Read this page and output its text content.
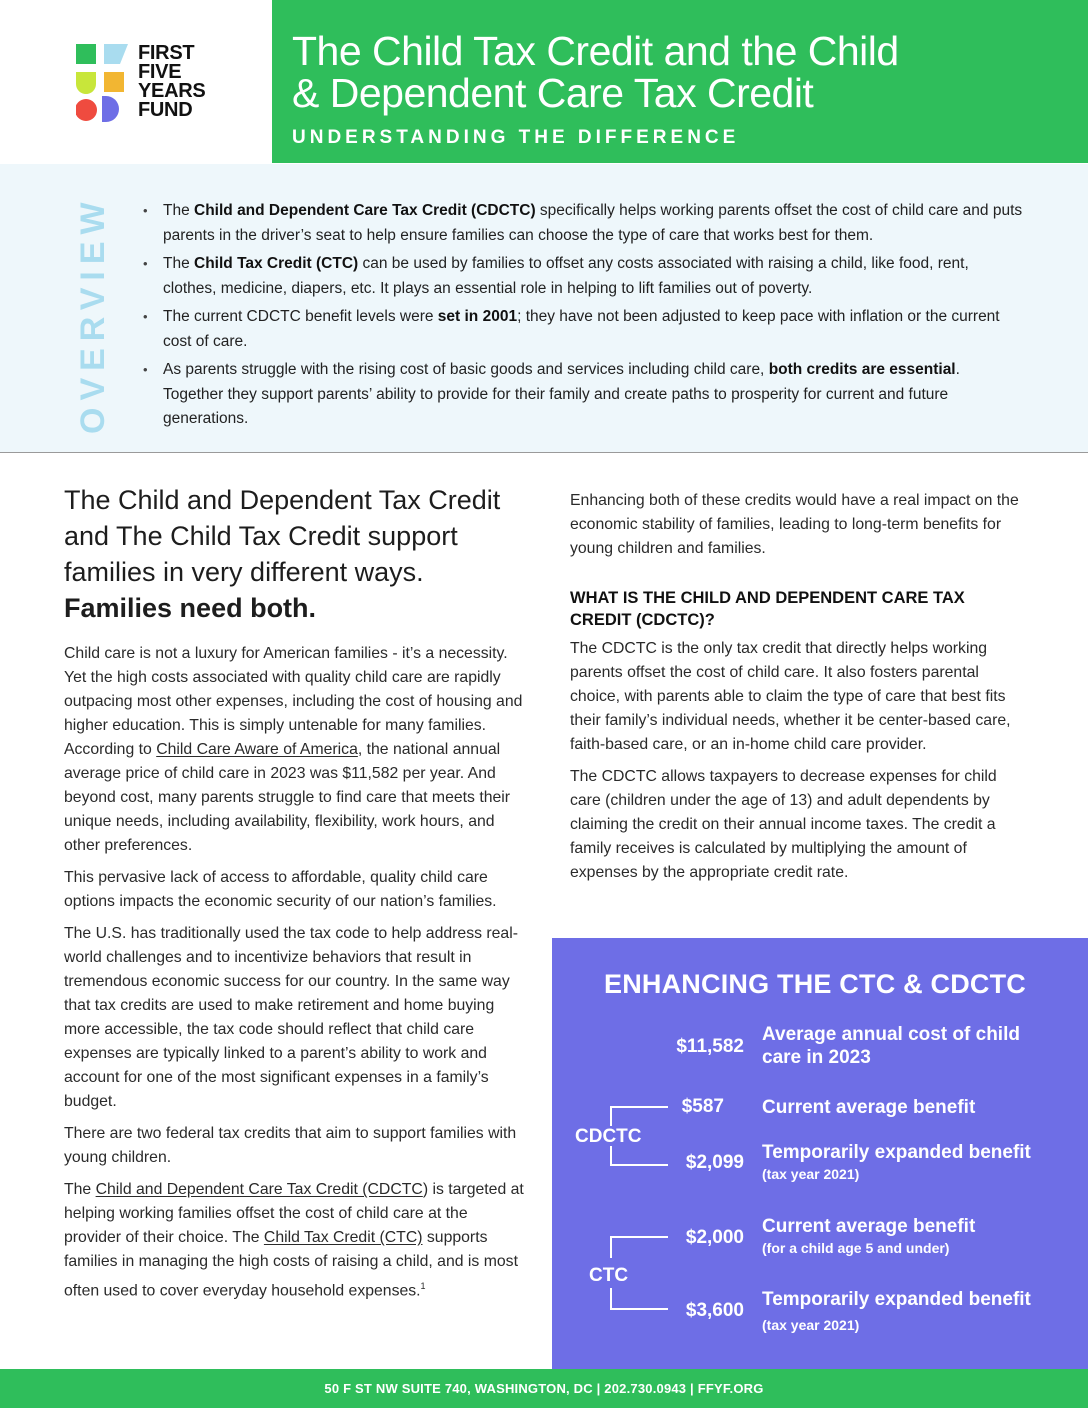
FIRST
FIVE
YEARS
FUND
The Child Tax Credit and the Child
& Dependent Care Tax Credit
UNDERSTANDING THE DIFFERENCE
OVERVIEW
•	The Child and Dependent Care Tax Credit (CDCTC) specifically helps working parents offset the cost of child care and puts parents in the driver’s seat to help ensure families can choose the type of care that works best for them.
• The Child Tax Credit (CTC) can be used by families to offset any costs associated with raising a child, like food, rent, clothes, medicine, diapers, etc. It plays an essential role in helping to lift families out of poverty.
• The current CDCTC benefit levels were set in 2001; they have not been adjusted to keep pace with inflation or the current cost of care.
• As parents struggle with the rising cost of basic goods and services including child care, both credits are essential. Together they support parents’ ability to provide for their family and create paths to prosperity for current and future generations.
The Child and Dependent Tax Credit and The Child Tax Credit support families in very different ways. Families need both.

Child care is not a luxury for American families - it’s a necessity. Yet the high costs associated with quality child care are rapidly outpacing most other expenses, including the cost of housing and higher education. This is simply untenable for many families. According to Child Care Aware of America, the national annual average price of child care in 2023 was $11,582 per year. And beyond cost, many parents struggle to find care that meets their unique needs, including availability, flexibility, work hours, and other preferences.

This pervasive lack of access to affordable, quality child care options impacts the economic security of our nation’s families.

The U.S. has traditionally used the tax code to help address real-world challenges and to incentivize behaviors that result in tremendous economic success for our country. In the same way that tax credits are used to make retirement and home buying more accessible, the tax code should reflect that child care expenses are typically linked to a parent’s ability to work and account for one of the most significant expenses in a family’s budget.

There are two federal tax credits that aim to support families with young children.

The Child and Dependent Care Tax Credit (CDCTC) is targeted at helping working families offset the cost of child care at the provider of their choice. The Child Tax Credit (CTC) supports families in managing the high costs of raising a child, and is most often used to cover everyday household expenses.$^1$

Enhancing both of these credits would have a real impact on the economic stability of families, leading to long-term benefits for young children and families.

WHAT IS THE CHILD AND DEPENDENT CARE TAX CREDIT (CDCTC)?

The CDCTC is the only tax credit that directly helps working parents offset the cost of child care. It also fosters parental choice, with parents able to claim the type of care that best fits their family’s individual needs, whether it be center-based care, faith-based care, or an in-home child care provider.

The CDCTC allows taxpayers to decrease expenses for child care (children under the age of 13) and adult dependents by claiming the credit on their annual income taxes. The credit a family receives is calculated by multiplying the amount of expenses by the appropriate credit rate.

ENHANCING THE CTC & CDCTC
$11,582
Average annual cost of child care in 2023
CDCTC
$587 Current average benefit
$2,099 Temporarily expanded benefit
(tax year 2021)
CTC
$2,000
Current average benefit
(for a child age 5 and under)
$3,600
Temporarily expanded benefit
(tax year 2021)
50 F ST NW SUITE 740, WASHINGTON, DC | 202.730.0943 | FFYF.ORG
